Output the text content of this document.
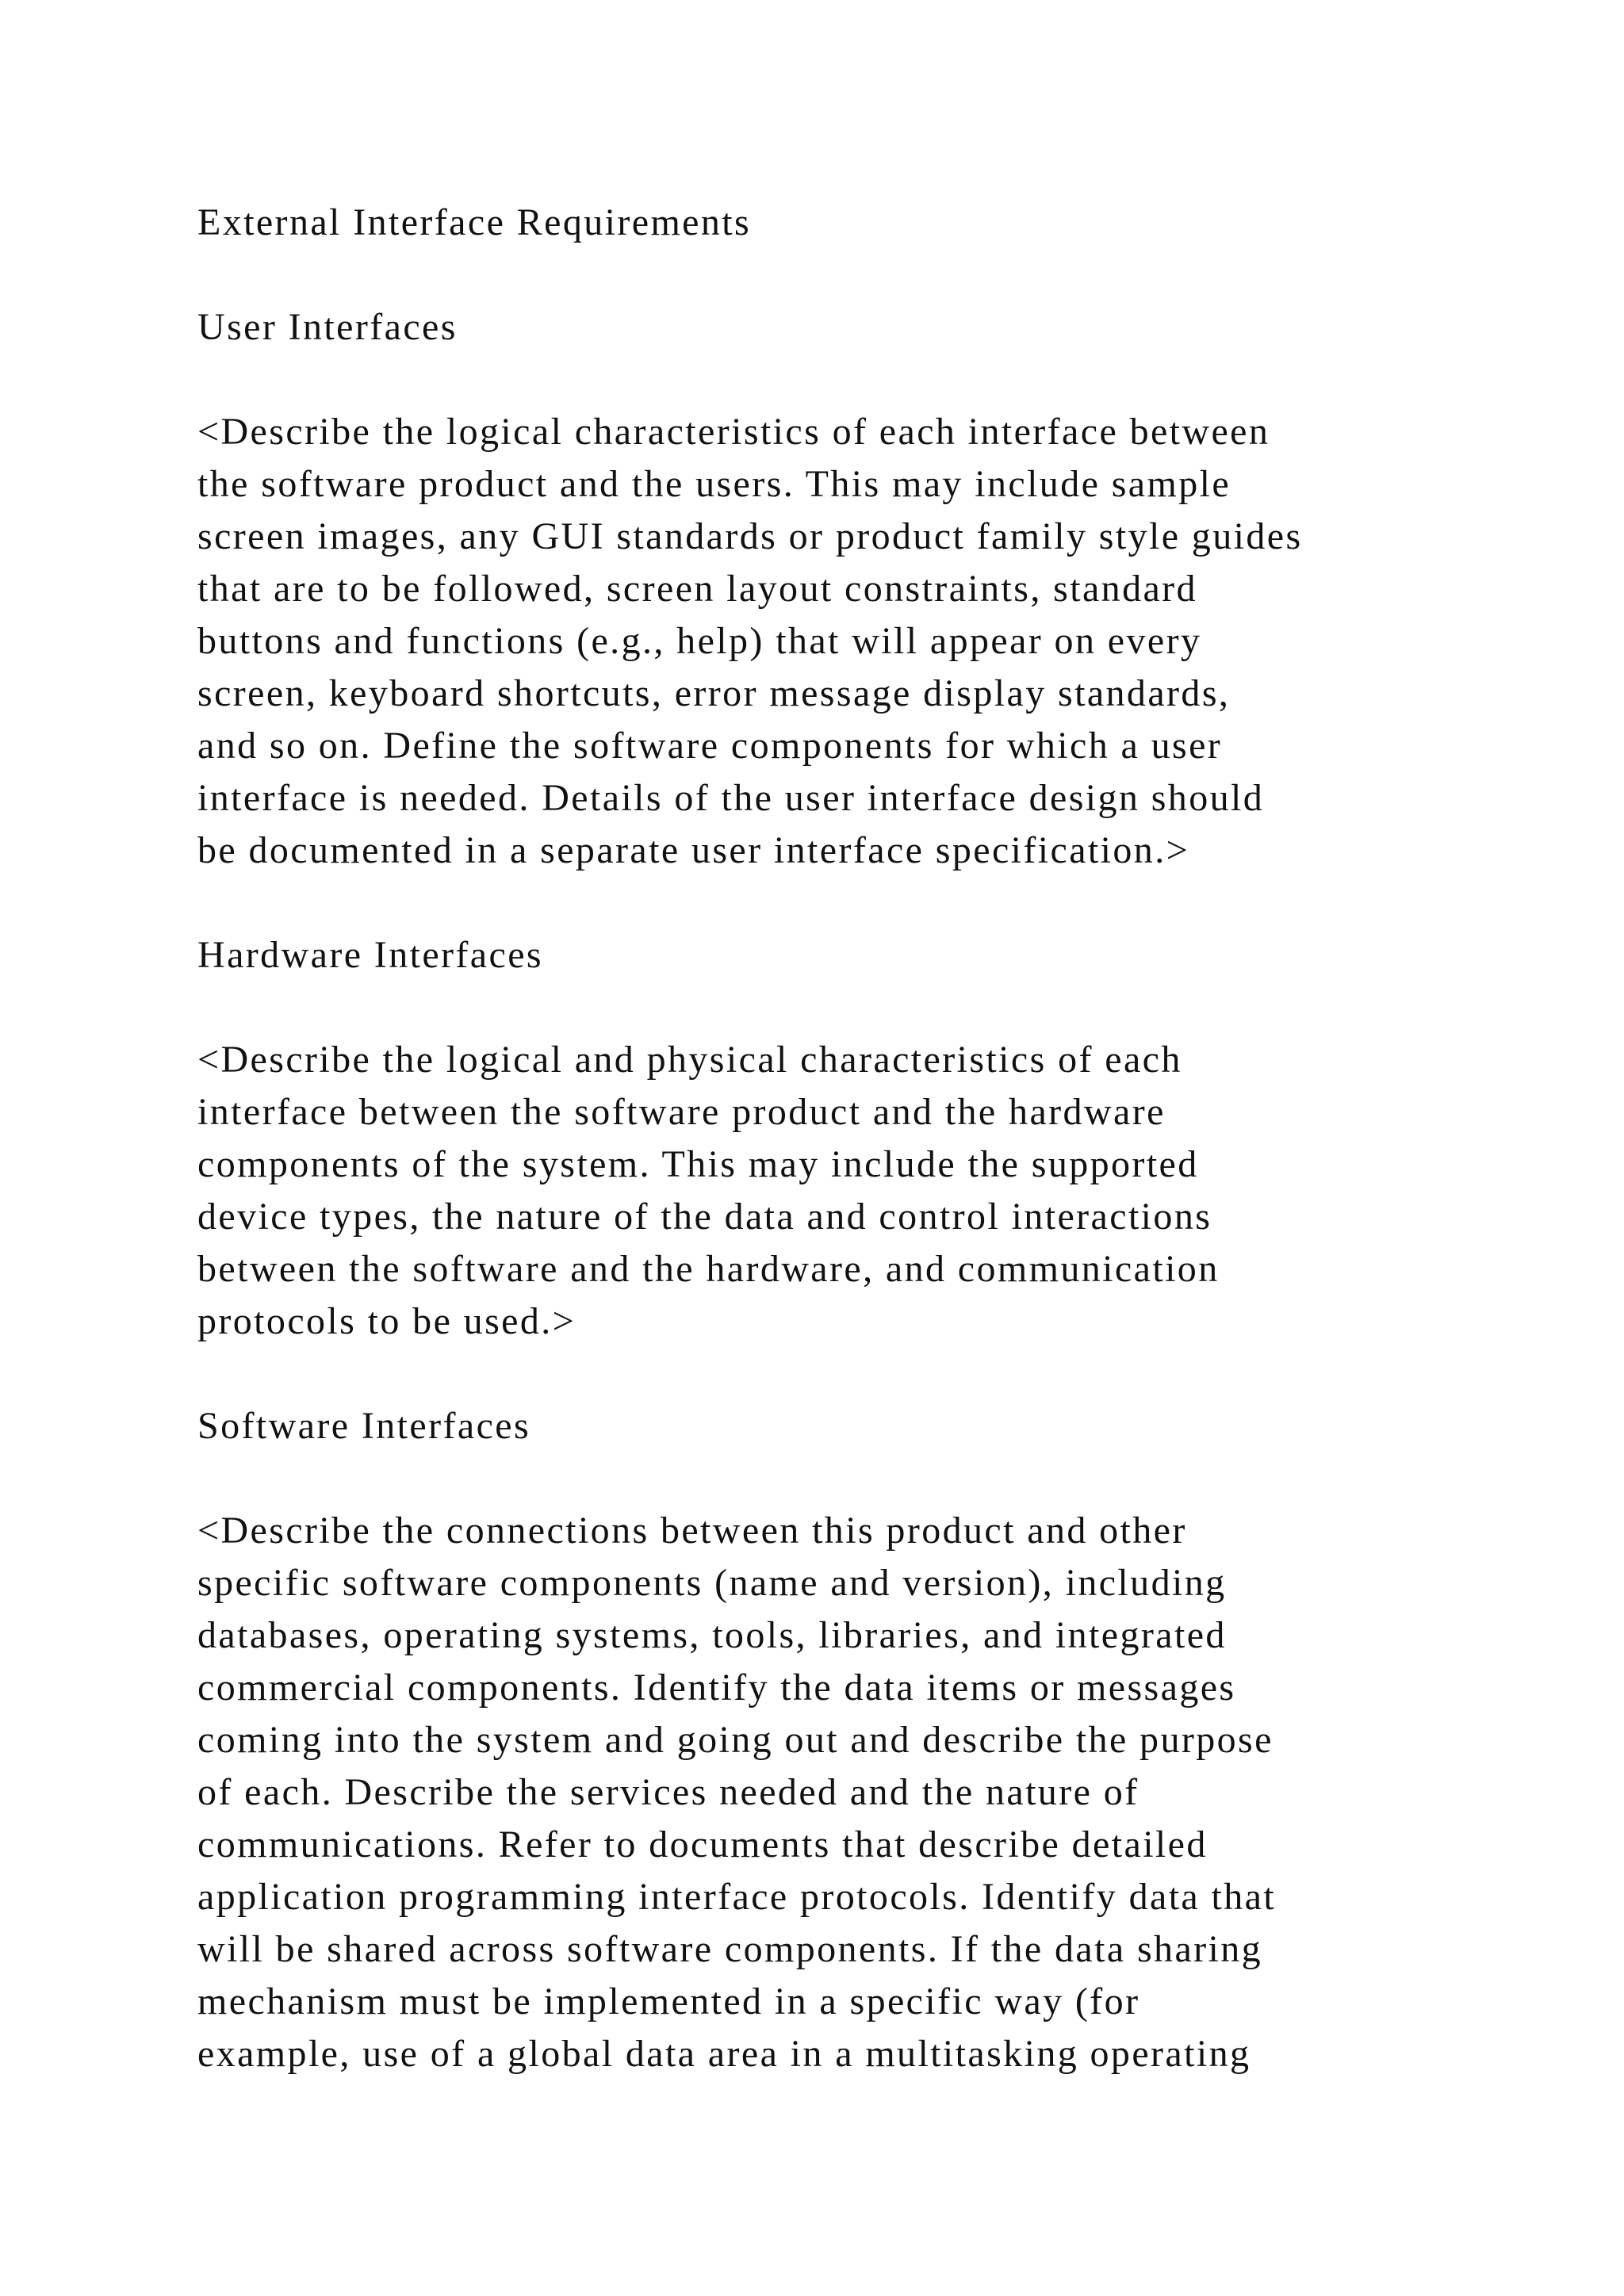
External Interface Requirements
User Interfaces
<Describe the logical characteristics of each interface between
the software product and the users. This may include sample
screen images, any GUI standards or product family style guides
that are to be followed, screen layout constraints, standard
buttons and functions (e.g., help) that will appear on every
screen, keyboard shortcuts, error message display standards,
and so on. Define the software components for which a user
interface is needed. Details of the user interface design should
be documented in a separate user interface specification.>
Hardware Interfaces
<Describe the logical and physical characteristics of each
interface between the software product and the hardware
components of the system. This may include the supported
device types, the nature of the data and control interactions
between the software and the hardware, and communication
protocols to be used.>
Software Interfaces
<Describe the connections between this product and other
specific software components (name and version), including
databases, operating systems, tools, libraries, and integrated
commercial components. Identify the data items or messages
coming into the system and going out and describe the purpose
of each. Describe the services needed and the nature of
communications. Refer to documents that describe detailed
application programming interface protocols. Identify data that
will be shared across software components. If the data sharing
mechanism must be implemented in a specific way (for
example, use of a global data area in a multitasking operating
